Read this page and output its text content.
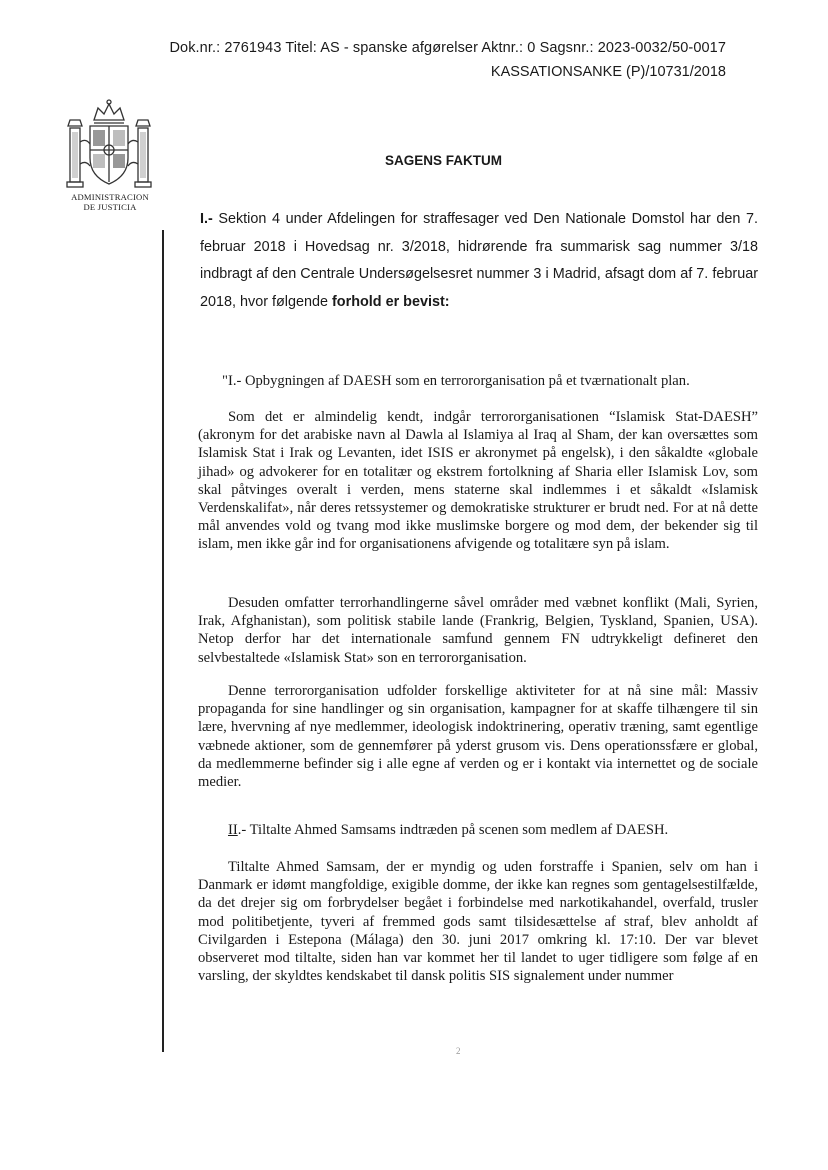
Dok.nr.: 2761943 Titel: AS - spanske afgørelser Aktnr.: 0 Sagsnr.: 2023-0032/50-0017
KASSATIONSANKE (P)/10731/2018
ADMINISTRACION
DE JUSTICIA
SAGENS FAKTUM
I.- Sektion 4 under Afdelingen for straffesager ved Den Nationale Domstol har den 7. februar 2018 i Hovedsag nr. 3/2018, hidrørende fra summarisk sag nummer 3/18 indbragt af den Centrale Undersøgelsesret nummer 3 i Madrid, afsagt dom af 7. februar 2018, hvor følgende forhold er bevist:
"I.- Opbygningen af DAESH som en terrororganisation på et tværnationalt plan.
Som det er almindelig kendt, indgår terrororganisationen “Islamisk Stat-DAESH” (akronym for det arabiske navn al Dawla al Islamiya al Iraq al Sham, der kan oversættes som Islamisk Stat i Irak og Levanten, idet ISIS er akronymet på engelsk), i den såkaldte «globale jihad» og advokerer for en totalitær og ekstrem fortolkning af Sharia eller Islamisk Lov, som skal påtvinges overalt i verden, mens staterne skal indlemmes i et såkaldt «Islamisk Verdenskalifat», når deres retssystemer og demokratiske strukturer er brudt ned. For at nå dette mål anvendes vold og tvang mod ikke muslimske borgere og mod dem, der bekender sig til islam, men ikke går ind for organisationens afvigende og totalitære syn på islam.
Desuden omfatter terrorhandlingerne såvel områder med væbnet konflikt (Mali, Syrien, Irak, Afghanistan), som politisk stabile lande (Frankrig, Belgien, Tyskland, Spanien, USA). Netop derfor har det internationale samfund gennem FN udtrykkeligt defineret den selvbestaltede «Islamisk Stat» son en terrororganisation.
Denne terrororganisation udfolder forskellige aktiviteter for at nå sine mål: Massiv propaganda for sine handlinger og sin organisation, kampagner for at skaffe tilhængere til sin lære, hvervning af nye medlemmer, ideologisk indoktrinering, operativ træning, samt egentlige væbnede aktioner, som de gennemfører på yderst grusom vis. Dens operationssfære er global, da medlemmerne befinder sig i alle egne af verden og er i kontakt via internettet og de sociale medier.
II.- Tiltalte Ahmed Samsams indtræden på scenen som medlem af DAESH.
Tiltalte Ahmed Samsam, der er myndig og uden forstraffe i Spanien, selv om han i Danmark er idømt mangfoldige, exigible domme, der ikke kan regnes som gentagelsestilfælde, da det drejer sig om forbrydelser begået i forbindelse med narkotikahandel, overfald, trusler mod politibetjente, tyveri af fremmed gods samt tilsidesættelse af straf, blev anholdt af Civilgarden i Estepona (Málaga) den 30. juni 2017 omkring kl. 17:10. Der var blevet observeret mod tiltalte, siden han var kommet her til landet to uger tidligere som følge af en varsling, der skyldtes kendskabet til dansk politis SIS signalement under nummer
2
